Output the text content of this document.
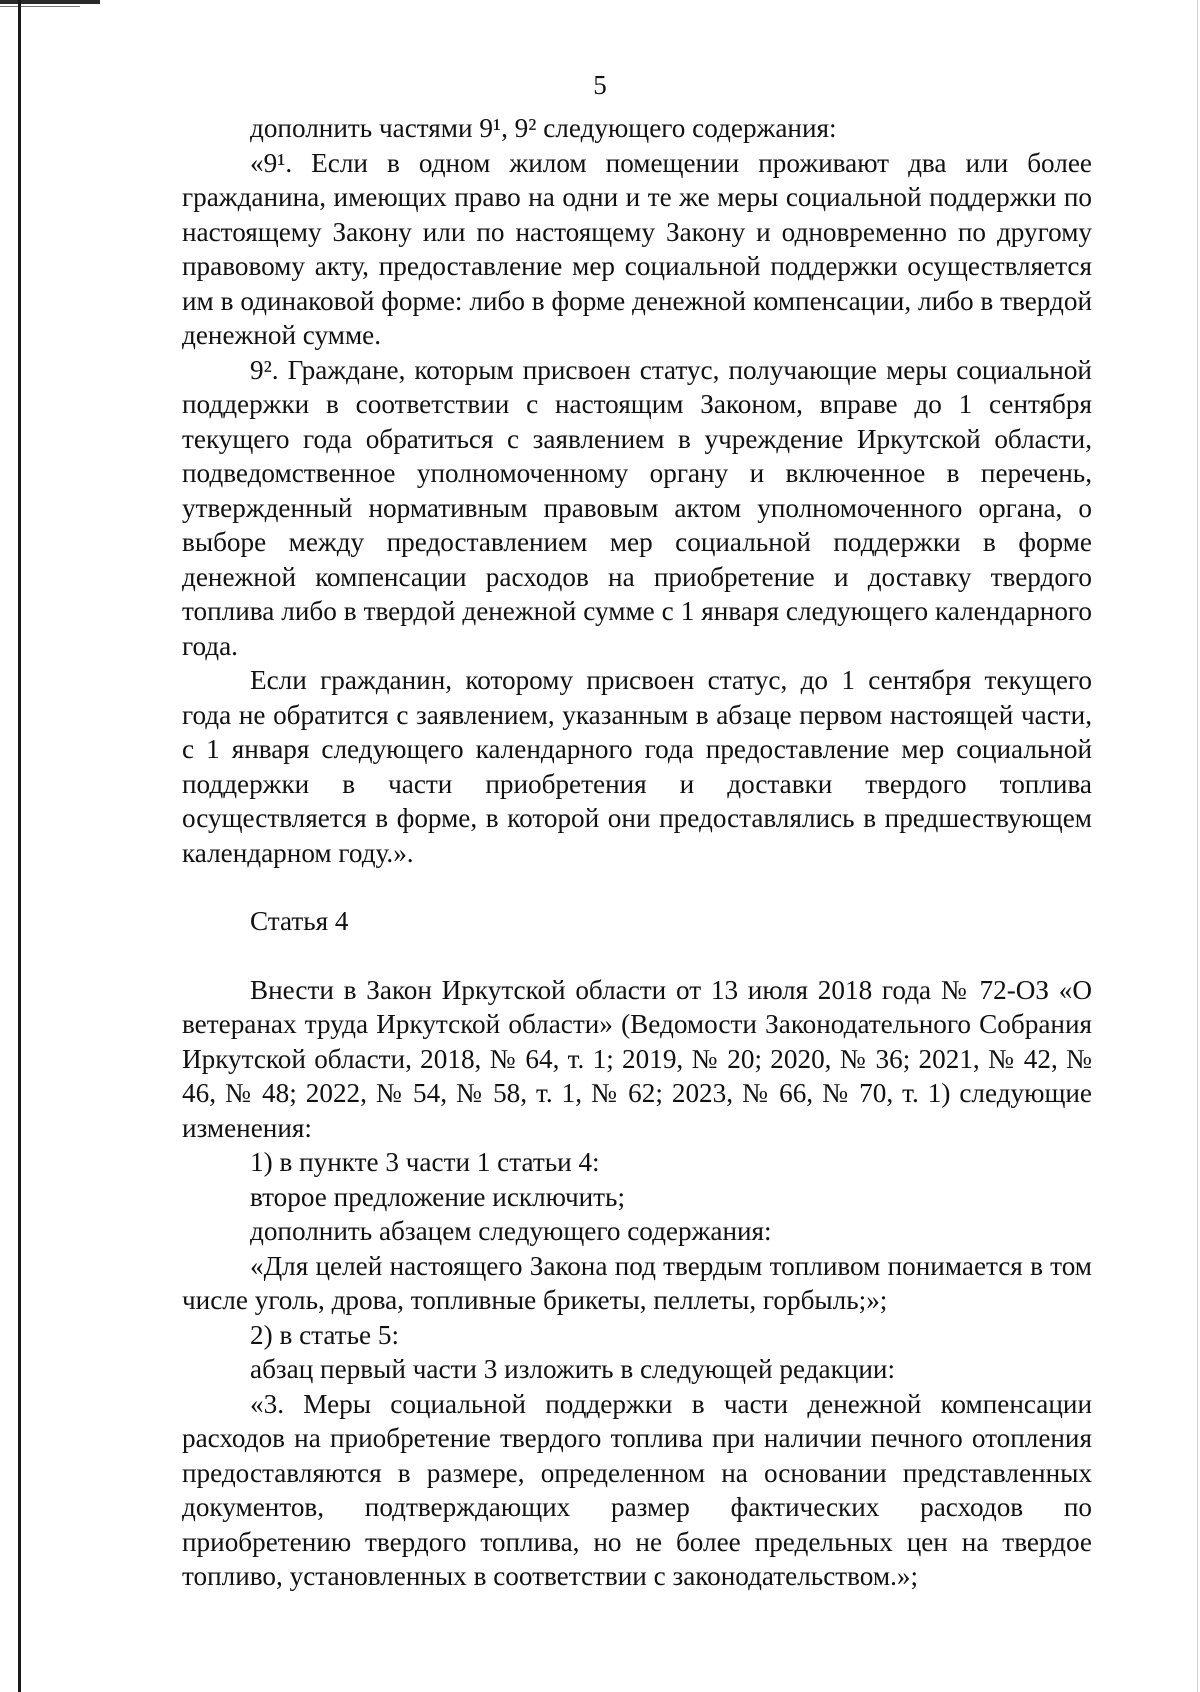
5

дополнить частями 9¹, 9² следующего содержания:

«9¹. Если в одном жилом помещении проживают два или более гражданина, имеющих право на одни и те же меры социальной поддержки по настоящему Закону или по настоящему Закону и одновременно по другому правовому акту, предоставление мер социальной поддержки осуществляется им в одинаковой форме: либо в форме денежной компенсации, либо в твердой денежной сумме.

9². Граждане, которым присвоен статус, получающие меры социальной поддержки в соответствии с настоящим Законом, вправе до 1 сентября текущего года обратиться с заявлением в учреждение Иркутской области, подведомственное уполномоченному органу и включенное в перечень, утвержденный нормативным правовым актом уполномоченного органа, о выборе между предоставлением мер социальной поддержки в форме денежной компенсации расходов на приобретение и доставку твердого топлива либо в твердой денежной сумме с 1 января следующего календарного года.

Если гражданин, которому присвоен статус, до 1 сентября текущего года не обратится с заявлением, указанным в абзаце первом настоящей части, с 1 января следующего календарного года предоставление мер социальной поддержки в части приобретения и доставки твердого топлива осуществляется в форме, в которой они предоставлялись в предшествующем календарном году.».

Статья 4

Внести в Закон Иркутской области от 13 июля 2018 года № 72-ОЗ «О ветеранах труда Иркутской области» (Ведомости Законодательного Собрания Иркутской области, 2018, № 64, т. 1; 2019, № 20; 2020, № 36; 2021, № 42, № 46, № 48; 2022, № 54, № 58, т. 1, № 62; 2023, № 66, № 70, т. 1) следующие изменения:

1) в пункте 3 части 1 статьи 4:

второе предложение исключить;

дополнить абзацем следующего содержания:

«Для целей настоящего Закона под твердым топливом понимается в том числе уголь, дрова, топливные брикеты, пеллеты, горбыль;»;

2) в статье 5:

абзац первый части 3 изложить в следующей редакции:

«3. Меры социальной поддержки в части денежной компенсации расходов на приобретение твердого топлива при наличии печного отопления предоставляются в размере, определенном на основании представленных документов, подтверждающих размер фактических расходов по приобретению твердого топлива, но не более предельных цен на твердое топливо, установленных в соответствии с законодательством.»;
